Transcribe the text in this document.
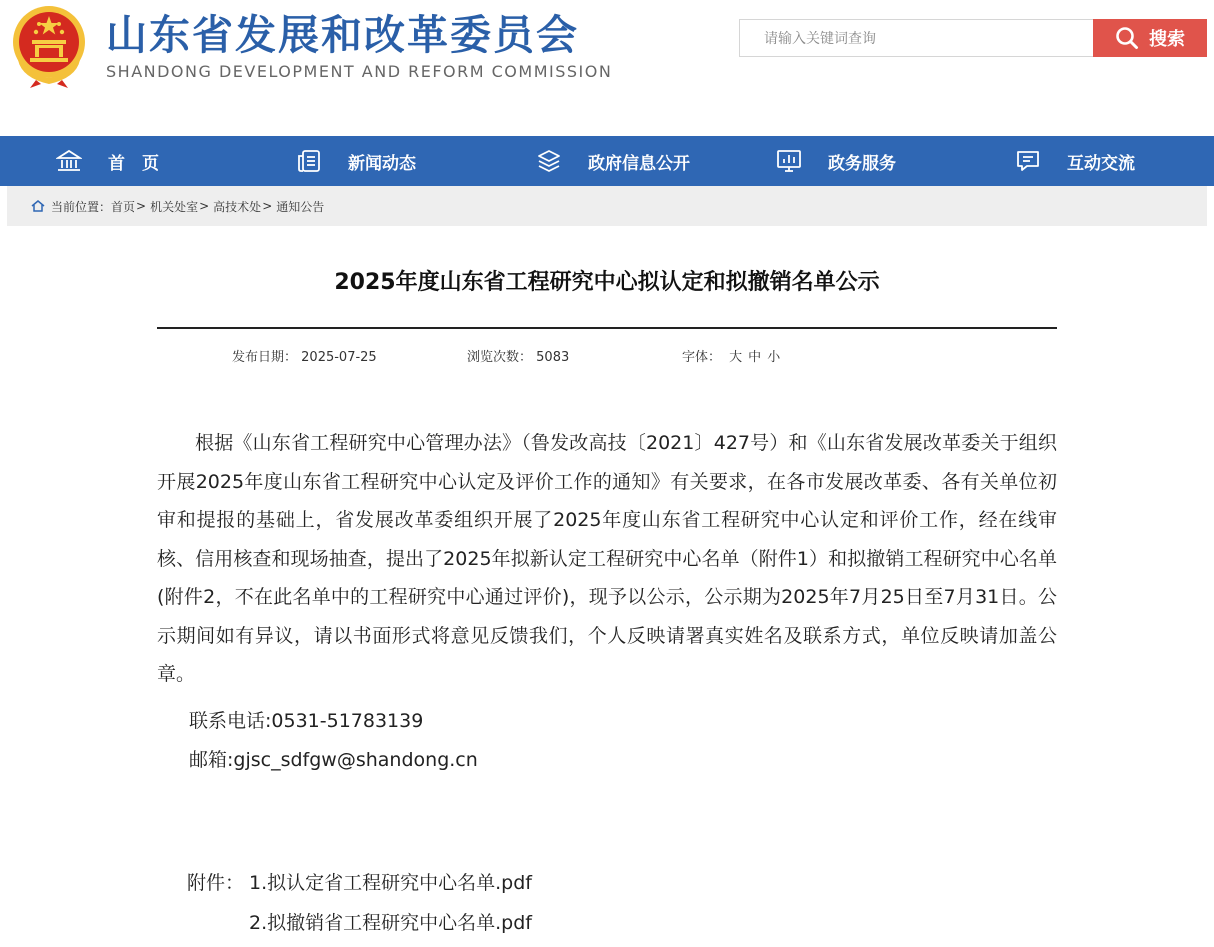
山东省发展和改革委员会
SHANDONG DEVELOPMENT AND REFORM COMMISSION
请输入关键词查询
搜索
首　页	新闻动态	政府信息公开	政务服务	互动交流
当前位置： 首页 > 机关处室 > 高技术处 > 通知公告
2025年度山东省工程研究中心拟认定和拟撤销名单公示
发布日期： 2025-07-25	浏览次数： 5083	字体： 大 中 小

根据《山东省工程研究中心管理办法》（鲁发改高技〔2021〕427号）和《山东省发展改革委关于组织开展2025年度山东省工程研究中心认定及评价工作的通知》有关要求，在各市发展改革委、各有关单位初审和提报的基础上，省发展改革委组织开展了2025年度山东省工程研究中心认定和评价工作，经在线审核、信用核查和现场抽查，提出了2025年拟新认定工程研究中心名单（附件1）和拟撤销工程研究中心名单(附件2，不在此名单中的工程研究中心通过评价)，现予以公示，公示期为2025年7月25日至7月31日。公示期间如有异议，请以书面形式将意见反馈我们，个人反映请署真实姓名及联系方式，单位反映请加盖公章。

联系电话:0531-51783139
邮箱:gjsc_sdfgw@shandong.cn
附件： 1.拟认定省工程研究中心名单.pdf
2.拟撤销省工程研究中心名单.pdf
